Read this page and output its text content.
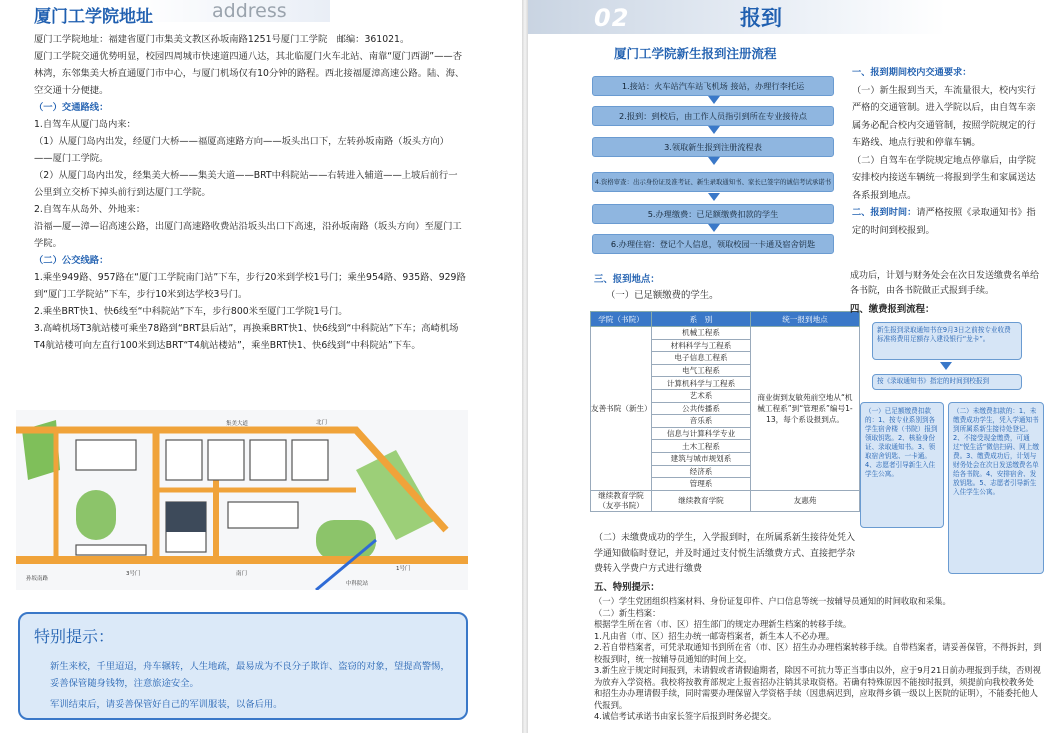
厦门工学院地址	address

厦门工学院地址：福建省厦门市集美文教区孙坂南路1251号厦门工学院　邮编：361021。

厦门工学院交通优势明显，校园四周城市快速道四通八达，其北临厦门火车北站、南靠“厦门西湖”——杏林湾，东邻集美大桥直通厦门市中心，与厦门机场仅有10分钟的路程。西北接福厦漳高速公路。陆、海、空交通十分便捷。

（一）交通路线：

1.自驾车从厦门岛内来：

（1）从厦门岛内出发，经厦门大桥——福厦高速路方向——坂头出口下，左转孙坂南路（坂头方向）——厦门工学院。

（2）从厦门岛内出发，经集美大桥——集美大道——BRT中科院站——右转进入辅道——上坡后前行一公里到立交桥下掉头前行到达厦门工学院。

2.自驾车从岛外、外地来：

沿福—厦—漳—诏高速公路，出厦门高速路收费站沿坂头出口下高速，沿孙坂南路（坂头方向）至厦门工学院。

（二）公交线路：

1.乘坐949路、957路在“厦门工学院南门站”下车，步行20米到学校1号门；乘坐954路、935路、929路到“厦门工学院站”下车，步行10米到达学校3号门。

2.乘坐BRT快1、快6线至“中科院站”下车，步行800米至厦门工学院1号门。

3.高崎机场T3航站楼可乘坐78路到“BRT县后站”，再换乘BRT快1、快6线到“中科院站”下车；高崎机场T4航站楼可向左直行100米到达BRT“T4航站楼站”，乘坐BRT快1、快6线到“中科院站”下车。

集美大道
孙坂南路
北门
南门
3号门
1号门
中科院站
特别提示：
新生来校，千里迢迢，舟车辗转，人生地疏，最易成为不良分子欺诈、盗窃的对象，望提高警惕，妥善保管随身钱物，注意旅途安全。
军训结束后，请妥善保管好自己的军训服装，以备后用。
02	报到
厦门工学院新生报到注册流程
1.接站：火车站汽车站飞机场 接站，办理行李托运
2.报到：到校后，由工作人员指引到所在专业接待点
3.领取新生报到注册流程表
4.资格审查：出示身份证及准考证、新生录取通知书、家长已签字的诚信考试承诺书
5.办理缴费：已足额缴费扣款的学生
6.办理住宿：登记个人信息，领取校园一卡通及宿舍钥匙

一、报到期间校内交通要求：

（一）新生报到当天，车流量很大，校内实行严格的交通管制。进入学院以后，由自驾车亲属务必配合校内交通管制，按照学院规定的行车路线、地点行驶和停靠车辆。

（二）自驾车在学院规定地点停靠后，由学院安排校内接送车辆统一将报到学生和家属送达各系报到地点。

二、报到时间：请严格按照《录取通知书》指定的时间到校报到。

三、报到地点：

（一）已足额缴费的学生。

学院（书院）	系　别	统一报到地点
友善书院（新生）	机械工程系	商业街到友敏苑前空地从“机械工程系”到“管理系”编号1-13，每个系设报到点。
	材料科学与工程系	
	电子信息工程系	
	电气工程系	
	计算机科学与工程系	
	艺术系	
	公共传播系	
	音乐系	
	信息与计算科学专业	
	土木工程系	
	建筑与城市规划系	
	经济系	
	管理系	
继续教育学院（友亭书院）	继续教育学院	友惠苑
（二）未缴费成功的学生，入学报到时，在所属系新生接待处凭入学通知做临时登记，并及时通过支付悦生活缴费方式、直接把学杂费转入学费户方式进行缴费
成功后，计划与财务处会在次日发送缴费名单给各书院，由各书院做正式报到手续。
四、缴费报到流程：
新生报到录取通知书在9月3日之前按专业收费标准将费用足额存入建设银行“龙卡”。
按《录取通知书》指定的时间到校报到
（一）已足额缴费扣款的：1、按专业系别到各学生宿舍楼（书院）报到领取钥匙。2、核验身份证、录取通知书。3、领取宿舍钥匙、一卡通。4、志愿者引导新生入住学生公寓。
（二）未缴费扣款的：1、未缴费成功学生，凭入学通知书到所属系新生接待处登记。2、不接受现金缴费，可通过“悦生活”微信扫码、网上缴费。3、缴费成功后，计划与财务处会在次日发送缴费名单给各书院。4、安排宿舍、发放钥匙。5、志愿者引导新生入住学生公寓。
五、特别提示：

（一）学生党团组织档案材料、身份证复印件、户口信息等统一按辅导员通知的时间收取和采集。

（二）新生档案：

根据学生所在省（市、区）招生部门的规定办理新生档案的转移手续。

1.凡由省（市、区）招生办统一邮寄档案者，新生本人不必办理。

2.若自带档案者，可凭录取通知书到所在省（市、区）招生办办理档案转移手续。自带档案者，请妥善保管，不得拆封，到校报到时，统一按辅导员通知的时间上交。

3.新生应于规定时间报到，未请假或者请假逾期者，除因不可抗力等正当事由以外，应于9月21日前办理报到手续，否则视为放弃入学资格。我校将按教育部规定上报省招办注销其录取资格。若确有特殊原因不能按时报到，须提前向我校教务处和招生办办理请假手续，同时需要办理保留入学资格手续（因患病迟到，应取得乡镇一级以上医院的证明），不能委托他人代报到。

4.诚信考试承诺书由家长签字后报到时务必提交。
